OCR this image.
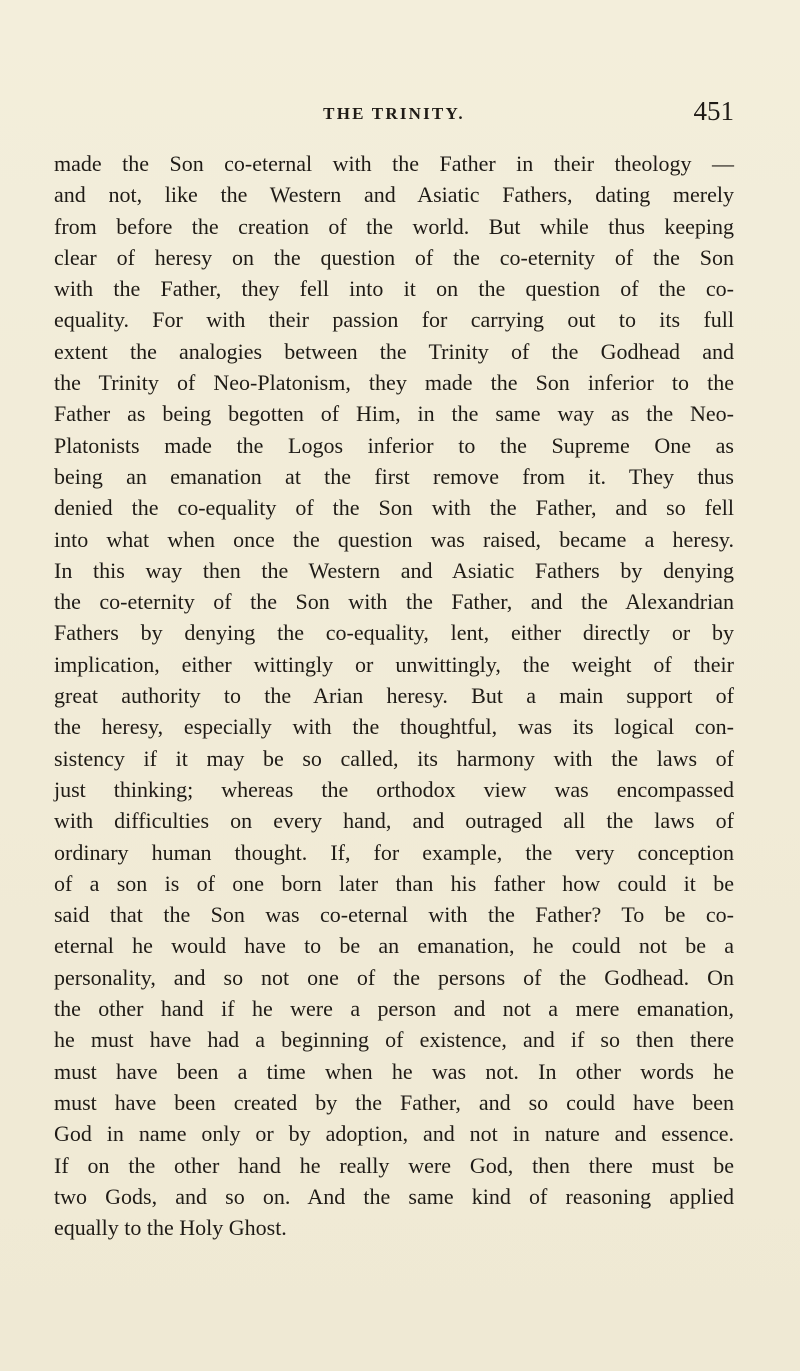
THE TRINITY.	451
made the Son co-eternal with the Father in their theology —
and not, like the Western and Asiatic Fathers, dating merely
from before the creation of the world. But while thus keeping
clear of heresy on the question of the co-eternity of the Son
with the Father, they fell into it on the question of the co-
equality. For with their passion for carrying out to its full
extent the analogies between the Trinity of the Godhead and
the Trinity of Neo-Platonism, they made the Son inferior to the
Father as being begotten of Him, in the same way as the Neo-
Platonists made the Logos inferior to the Supreme One as
being an emanation at the first remove from it. They thus
denied the co-equality of the Son with the Father, and so fell
into what when once the question was raised, became a heresy.
In this way then the Western and Asiatic Fathers by denying
the co-eternity of the Son with the Father, and the Alexandrian
Fathers by denying the co-equality, lent, either directly or by
implication, either wittingly or unwittingly, the weight of their
great authority to the Arian heresy. But a main support of
the heresy, especially with the thoughtful, was its logical con-
sistency if it may be so called, its harmony with the laws of
just thinking; whereas the orthodox view was encompassed
with difficulties on every hand, and outraged all the laws of
ordinary human thought. If, for example, the very conception
of a son is of one born later than his father how could it be
said that the Son was co-eternal with the Father? To be co-
eternal he would have to be an emanation, he could not be a
personality, and so not one of the persons of the Godhead. On
the other hand if he were a person and not a mere emanation,
he must have had a beginning of existence, and if so then there
must have been a time when he was not. In other words he
must have been created by the Father, and so could have been
God in name only or by adoption, and not in nature and essence.
If on the other hand he really were God, then there must be
two Gods, and so on. And the same kind of reasoning applied
equally to the Holy Ghost.
